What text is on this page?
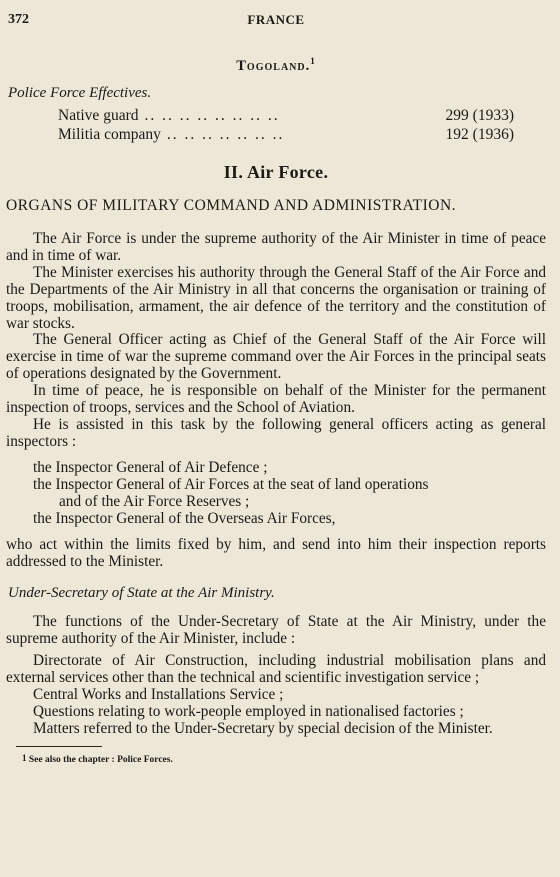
372	FRANCE
Togoland.$^1$
Police Force Effectives.
Native guard .. .. .. .. .. .. .. ..	299 (1933)
Militia company .. .. .. .. .. .. ..	192 (1936)
II. Air Force.
ORGANS OF MILITARY COMMAND AND ADMINISTRATION.

The Air Force is under the supreme authority of the Air Minister in time of peace and in time of war.

The Minister exercises his authority through the General Staff of the Air Force and the Departments of the Air Ministry in all that concerns the organisation or training of troops, mobilisation, armament, the air defence of the territory and the constitution of war stocks.

The General Officer acting as Chief of the General Staff of the Air Force will exercise in time of war the supreme command over the Air Forces in the principal seats of operations designated by the Government.

In time of peace, he is responsible on behalf of the Minister for the permanent inspection of troops, services and the School of Aviation.

He is assisted in this task by the following general officers acting as general inspectors :

the Inspector General of Air Defence ;
the Inspector General of Air Forces at the seat of land operations
and of the Air Force Reserves ;
the Inspector General of the Overseas Air Forces,

who act within the limits fixed by him, and send into him their inspection reports addressed to the Minister.

Under-Secretary of State at the Air Ministry.

The functions of the Under-Secretary of State at the Air Ministry, under the supreme authority of the Air Minister, include :

Directorate of Air Construction, including industrial mobilisation plans and external services other than the technical and scientific investigation service ;

Central Works and Installations Service ;

Questions relating to work-people employed in nationalised factories ;

Matters referred to the Under-Secretary by special decision of the Minister.

$^1$ See also the chapter : Police Forces.
